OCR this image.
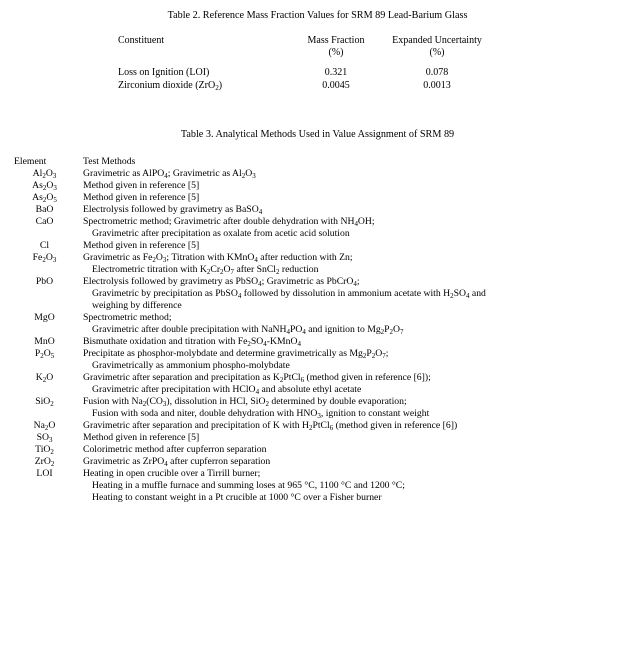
Table 2. Reference Mass Fraction Values for SRM 89 Lead-Barium Glass
Constituent	Mass Fraction	Expanded Uncertainty
	(%)	(%)
Loss on Ignition (LOI)	0.321	0.078
Zirconium dioxide (ZrO$_2$)	0.0045	0.0013
Table 3. Analytical Methods Used in Value Assignment of SRM 89
Element	Test Methods
$Al_2O_3$	Gravimetric as AlPO$_4$; Gravimetric as $Al_2O_3$
$As_2O_3$	Method given in reference [5]
$As_2O_5$	Method given in reference [5]
BaO	Electrolysis followed by gravimetry as BaSO$_4$
CaO	Spectrometric method; Gravimetric after double dehydration with $NH_4OH$;
	Gravimetric after precipitation as oxalate from acetic acid solution
Cl	Method given in reference [5]
$Fe_2O_3$	Gravimetric as $Fe_2O_3$; Titration with KMnO$_4$ after reduction with Zn;
	Electrometric titration with $K_2Cr_2O_7$ after SnCl$_2$ reduction
PbO	Electrolysis followed by gravimetry as PbSO$_4$; Gravimetric as PbCrO$_4$;
	Gravimetric by precipitation as PbSO$_4$ followed by dissolution in ammonium acetate with $H_2SO_4$ and
	weighing by difference
MgO	Spectrometric method;
	Gravimetric after double precipitation with $NaNH_4PO_4$ and ignition to $Mg_2P_2O_7$
MnO	Bismuthate oxidation and titration with $Fe_2SO_4-KMnO_4$
$P_2O_5$	Precipitate as phosphor-molybdate and determine gravimetrically as $Mg_2P_2O_7$;
	Gravimetrically as ammonium phospho-molybdate
$K_2O$	Gravimetric after separation and precipitation as $K_2PtCl_6$ (method given in reference [6]);
	Gravimetric after precipitation with HClO$_4$ and absolute ethyl acetate
SiO$_2$	Fusion with $Na_2(CO_3)$, dissolution in HCl, SiO$_2$ determined by double evaporation;
	Fusion with soda and niter, double dehydration with $HNO_3$, ignition to constant weight
$Na_2O$	Gravimetric after separation and precipitation of K with $H_2PtCl_6$ (method given in reference [6])
$SO_3$	Method given in reference [5]
TiO$_2$	Colorimetric method after cupferron separation
ZrO$_2$	Gravimetric as ZrPO$_4$ after cupferron separation
LOI	Heating in open crucible over a Tirrill burner;
	Heating in a muffle furnace and summing loses at 965 °C, 1100 °C and 1200 °C;
	Heating to constant weight in a Pt crucible at 1000 °C over a Fisher burner
